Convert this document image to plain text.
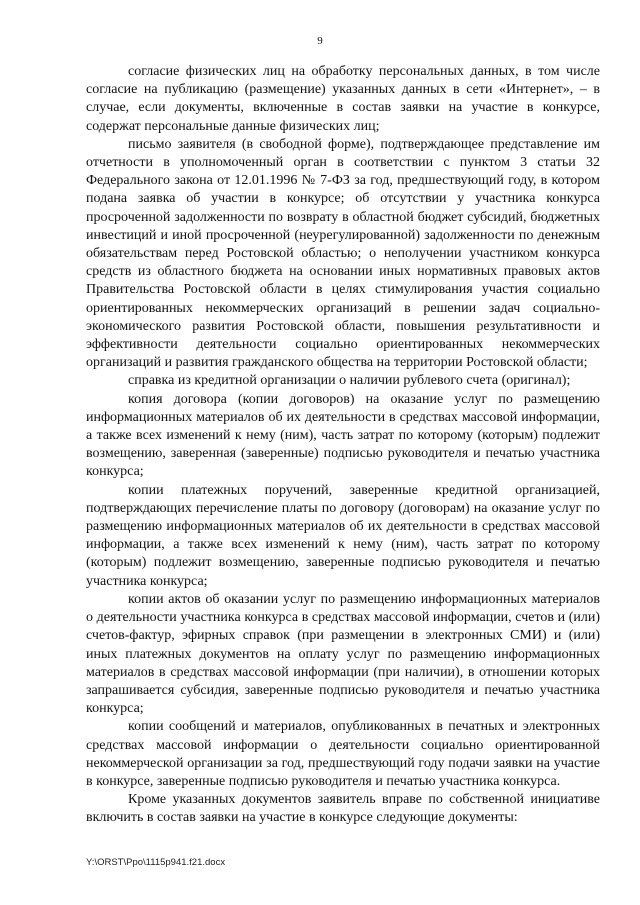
9

согласие физических лиц на обработку персональных данных, в том числе согласие на публикацию (размещение) указанных данных в сети «Интернет», – в случае, если документы, включенные в состав заявки на участие в конкурсе, содержат персональные данные физических лиц;

письмо заявителя (в свободной форме), подтверждающее представление им отчетности в уполномоченный орган в соответствии с пунктом 3 статьи 32 Федерального закона от 12.01.1996 № 7-ФЗ за год, предшествующий году, в котором подана заявка об участии в конкурсе; об отсутствии у участника конкурса просроченной задолженности по возврату в областной бюджет субсидий, бюджетных инвестиций и иной просроченной (неурегулированной) задолженности по денежным обязательствам перед Ростовской областью; о неполучении участником конкурса средств из областного бюджета на основании иных нормативных правовых актов Правительства Ростовской области в целях стимулирования участия социально ориентированных некоммерческих организаций в решении задач социально-экономического развития Ростовской области, повышения результативности и эффективности деятельности социально ориентированных некоммерческих организаций и развития гражданского общества на территории Ростовской области;

справка из кредитной организации о наличии рублевого счета (оригинал);

копия договора (копии договоров) на оказание услуг по размещению информационных материалов об их деятельности в средствах массовой информации, а также всех изменений к нему (ним), часть затрат по которому (которым) подлежит возмещению, заверенная (заверенные) подписью руководителя и печатью участника конкурса;

копии платежных поручений, заверенные кредитной организацией, подтверждающих перечисление платы по договору (договорам) на оказание услуг по размещению информационных материалов об их деятельности в средствах массовой информации, а также всех изменений к нему (ним), часть затрат по которому (которым) подлежит возмещению, заверенные подписью руководителя и печатью участника конкурса;

копии актов об оказании услуг по размещению информационных материалов о деятельности участника конкурса в средствах массовой информации, счетов и (или) счетов-фактур, эфирных справок (при размещении в электронных СМИ) и (или) иных платежных документов на оплату услуг по размещению информационных материалов в средствах массовой информации (при наличии), в отношении которых запрашивается субсидия, заверенные подписью руководителя и печатью участника конкурса;

копии сообщений и материалов, опубликованных в печатных и электронных средствах массовой информации о деятельности социально ориентированной некоммерческой организации за год, предшествующий году подачи заявки на участие в конкурсе, заверенные подписью руководителя и печатью участника конкурса.

Кроме указанных документов заявитель вправе по собственной инициативе включить в состав заявки на участие в конкурсе следующие документы:

Y:\ORST\Ppo\1115p941.f21.docx
